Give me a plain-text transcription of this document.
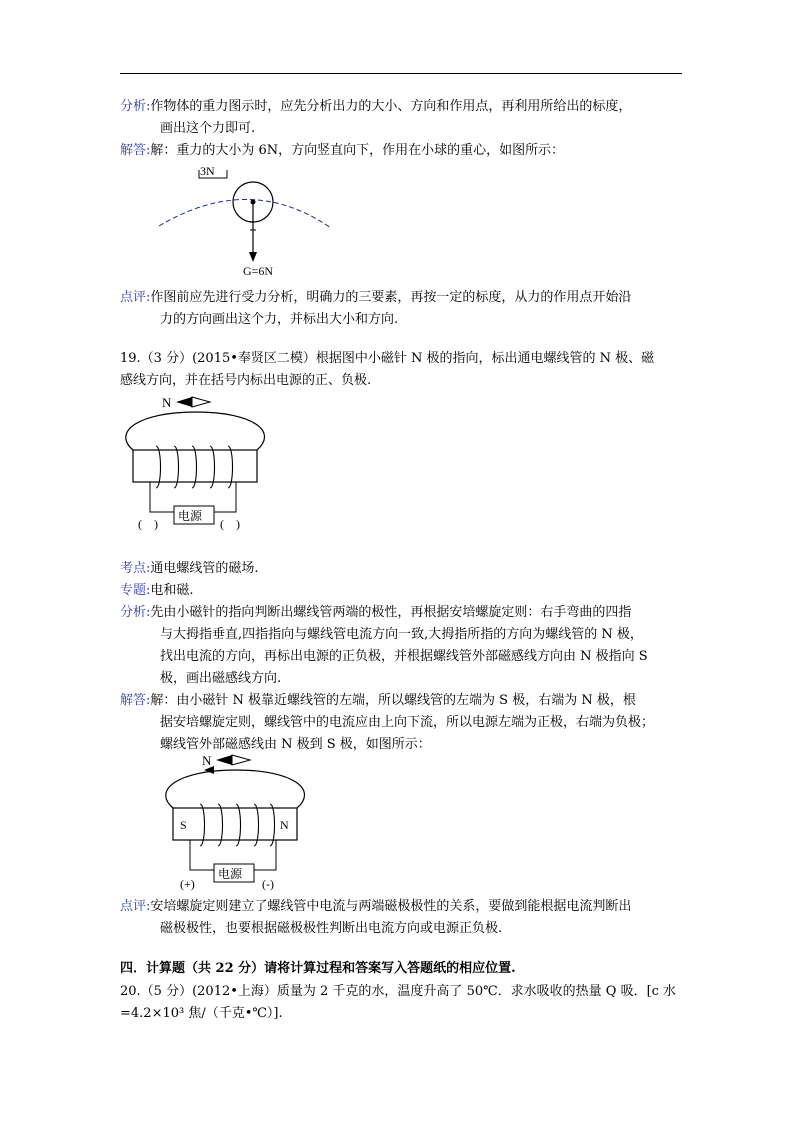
分析:作物体的重力图示时，应先分析出力的大小、方向和作用点，再利用所给出的标度，
画出这个力即可.
解答:解：重力的大小为 6N，方向竖直向下，作用在小球的重心，如图所示：
3N
G=6N
点评:作图前应先进行受力分析，明确力的三要素，再按一定的标度，从力的作用点开始沿
力的方向画出这个力，并标出大小和方向.
19.（3 分）(2015•奉贤区二模）根据图中小磁针 N 极的指向，标出通电螺线管的 N 极、磁
感线方向，并在括号内标出电源的正、负极.
N
电源
(　)	(　)
考点:通电螺线管的磁场.
专题:电和磁.
分析:先由小磁针的指向判断出螺线管两端的极性，再根据安培螺旋定则：右手弯曲的四指
与大拇指垂直,四指指向与螺线管电流方向一致,大拇指所指的方向为螺线管的 N 极，
找出电流的方向，再标出电源的正负极，并根据螺线管外部磁感线方向由 N 极指向 S
极，画出磁感线方向.
解答:解：由小磁针 N 极靠近螺线管的左端，所以螺线管的左端为 S 极，右端为 N 极，根
据安培螺旋定则，螺线管中的电流应由上向下流，所以电源左端为正极，右端为负极；
螺线管外部磁感线由 N 极到 S 极，如图所示：
N
S	N
电源
(+)	(-)
点评:安培螺旋定则建立了螺线管中电流与两端磁极极性的关系，要做到能根据电流判断出
磁极极性，也要根据磁极极性判断出电流方向或电源正负极.
四．计算题（共 22 分）请将计算过程和答案写入答题纸的相应位置.
20.（5 分）(2012•上海）质量为 2 千克的水，温度升高了 50℃．求水吸收的热量 Q 吸．[c 水
=4.2×10³ 焦/（千克•℃）].
